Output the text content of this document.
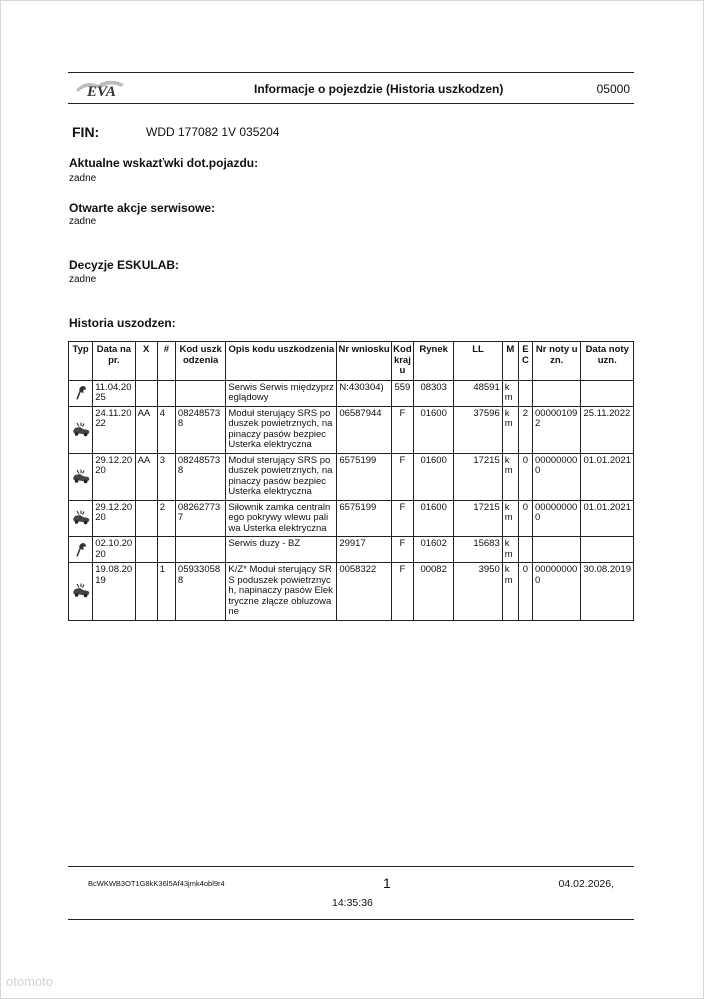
EVA	Informacje o pojezdzie (Historia uszkodzen)	05000
FIN:	WDD 177082 1V 035204
Aktualne wskazťwki dot.pojazdu:
zadne
Otwarte akcje serwisowe:
zadne
Decyzje ESKULAB:
zadne
Historia uszodzen:
Typ	Data napr.	X	#	Kod uszkodzenia	Opis kodu uszkodzenia	Nr wniosku	Kod kraju	Rynek	LL	M	EC	Nr noty uzn.	Data noty uzn.

	11.04.2025				Serwis Serwis międzyprzeglądowy	N:430304)	559	08303	48591	km			

	24.11.2022	AA	4	082485738	Moduł sterujący SRS poduszek powietrznych, napinaczy pasów bezpiec Usterka elektryczna	06587944	F	01600	37596	km	2	000001092	25.11.2022

	29.12.2020	AA	3	082485738	Moduł sterujący SRS poduszek powietrznych, napinaczy pasów bezpiec Usterka elektryczna	6575199	F	01600	17215	km	0	000000000	01.01.2021

	29.12.2020		2	082627737	Siłownik zamka centralnego pokrywy wlewu paliwa Usterka elektryczna	6575199	F	01600	17215	km	0	000000000	01.01.2021

	02.10.2020				Serwis duzy - BZ	29917	F	01602	15683	km			

	19.08.2019		1	059330588	K/Z* Moduł sterujący SRS poduszek powietrznych, napinaczy pasów Elektryczne złącze obluzowane	0058322	F	00082	3950	km	0	000000000	30.08.2019
BcWKWB3OT1G8kK36l5Af43jmk4obl9r4	1	04.02.2026,
14:35:36
otomoto
